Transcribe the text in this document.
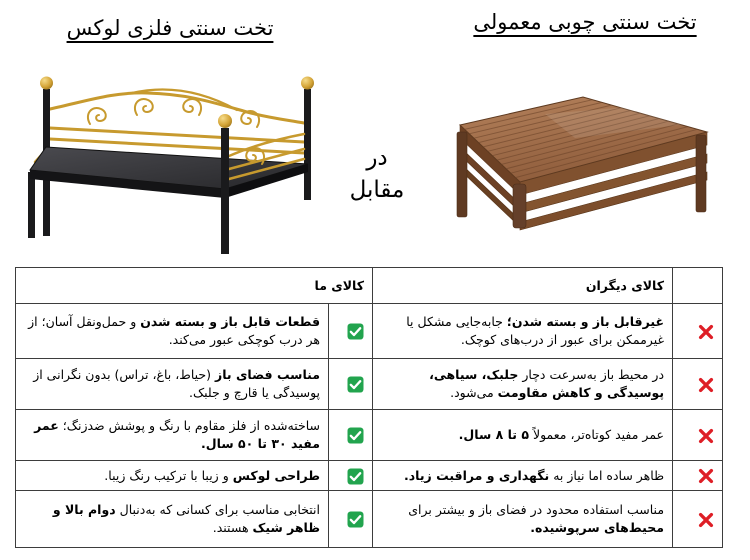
تخت سنتی چوبی معمولی
تخت سنتی فلزی لوکس
در
مقابل
	کالای دیگران	کالای ما	
	غیرقابل باز و بسته شدن؛ جابه‌جایی مشکل یا غیرممکن برای عبور از درب‌های کوچک.		قطعات قابل باز و بسته شدن و حمل‌ونقل آسان؛ از هر درب کوچکی عبور می‌کند.
	در محیط باز به‌سرعت دچار جلبک، سیاهی، پوسیدگی و کاهش مقاومت می‌شود.		مناسب فضای باز (حیاط، باغ، تراس) بدون نگرانی از پوسیدگی یا قارچ و جلبک.
	عمر مفید کوتاه‌تر، معمولاً ۵ تا ۸ سال.		ساخته‌شده از فلز مقاوم با رنگ و پوشش ضدزنگ؛ عمر مفید ۳۰ تا ۵۰ سال.
	ظاهر ساده اما نیاز به نگهداری و مراقبت زیاد.		طراحی لوکس و زیبا با ترکیب رنگ زیبا.
	مناسب استفاده محدود در فضای باز و بیشتر برای محیط‌های سرپوشیده.		انتخابی مناسب برای کسانی که به‌دنبال دوام بالا و ظاهر شیک هستند.
